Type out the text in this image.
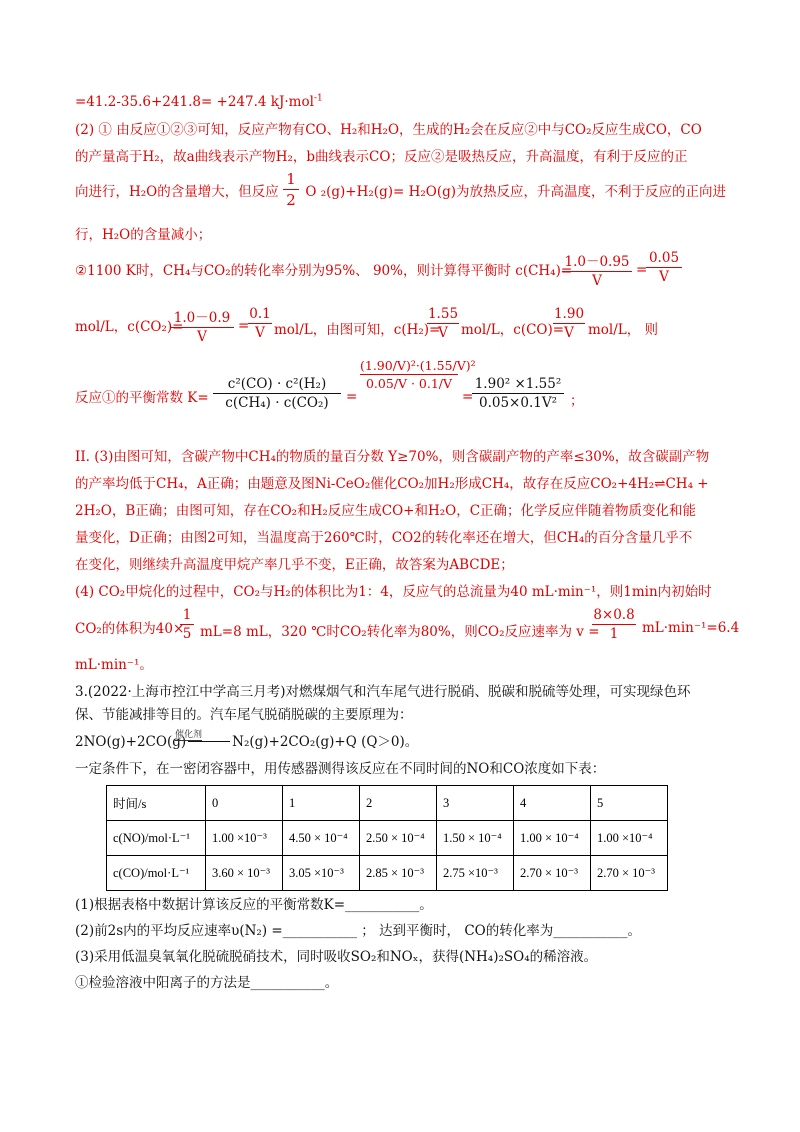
=41.2-35.6+241.8= +247.4 kJ·mol$^{-1}$
(2) ① 由反应①②③可知，反应产物有CO、H₂和H₂O，生成的H₂会在反应②中与CO₂反应生成CO，CO
的产量高于H₂，故a曲线表示产物H₂，b曲线表示CO；反应②是吸热反应，升高温度，有利于反应的正
向进行，H₂O的含量增大，但反应 O ₂(g)+H₂(g)= H₂O(g)为放热反应，升高温度，不利于反应的正向进
1
2
行，H₂O的含量减小；
②1100 K时，CH₄与CO₂的转化率分别为95%、 90%，则计算得平衡时 c(CH₄)=
1.0－0.95
V
=
0.05
V
mol/L，c(CO₂)=
1.0－0.9
V
=
0.1
V mol/L，由图可知，c(H₂)=
1.55
V mol/L，c(CO)=
1.90
V	mol/L， 则
反应①的平衡常数 K=
c²(CO) · c²(H₂)
c(CH₄) · c(CO₂)	=
(1.90/V)²·(1.55/V)²
0.05/V · 0.1/V
=
1.90² ×1.55²
0.05×0.1V² ；
II. (3)由图可知，含碳产物中CH₄的物质的量百分数 Y≥70%，则含碳副产物的产率≤30%，故含碳副产物
的产率均低于CH₄，A正确；由题意及图Ni-CeO₂催化CO₂加H₂形成CH₄，故存在反应CO₂+4H₂⇌CH₄ +
2H₂O，B正确；由图可知，存在CO₂和H₂反应生成CO+和H₂O，C正确；化学反应伴随着物质变化和能
量变化，D正确；由图2可知，当温度高于260℃时，CO2的转化率还在增大，但CH₄的百分含量几乎不
在变化，则继续升高温度甲烷产率几乎不变，E正确，故答案为ABCDE；
(4) CO₂甲烷化的过程中，CO₂与H₂的体积比为1：4，反应气的总流量为40 mL·min⁻¹，则1min内初始时
CO₂的体积为40×
1
5 mL=8 mL，320 ℃时CO₂转化率为80%，则CO₂反应速率为 v =
8×0.8
1	mL·min⁻¹=6.4
mL·min⁻¹。
3.(2022·上海市控江中学高三月考)对燃煤烟气和汽车尾气进行脱硝、脱碳和脱硫等处理，可实现绿色环
保、节能减排等目的。汽车尾气脱硝脱碳的主要原理为：
2NO(g)+2CO(g)	N₂(g)+2CO₂(g)+Q (Q＞0)。
催化剂
一定条件下，在一密闭容器中，用传感器测得该反应在不同时间的NO和CO浓度如下表：
时间/s	0	1	2	3	4	5
c(NO)/mol·L⁻¹	1.00 ×10⁻³	4.50 × 10⁻⁴	2.50 × 10⁻⁴	1.50 × 10⁻⁴	1.00 × 10⁻⁴	1.00 ×10⁻⁴
c(CO)/mol·L⁻¹	3.60 × 10⁻³	3.05 ×10⁻³	2.85 × 10⁻³	2.75 ×10⁻³	2.70 × 10⁻³	2.70 × 10⁻³
(1)根据表格中数据计算该反应的平衡常数K=___________。
(2)前2s内的平均反应速率υ(N₂) =___________ ； 达到平衡时， CO的转化率为___________。
(3)采用低温臭氧氧化脱硫脱硝技术，同时吸收SO₂和NOₓ，获得(NH₄)₂SO₄的稀溶液。
①检验溶液中阳离子的方法是___________。
